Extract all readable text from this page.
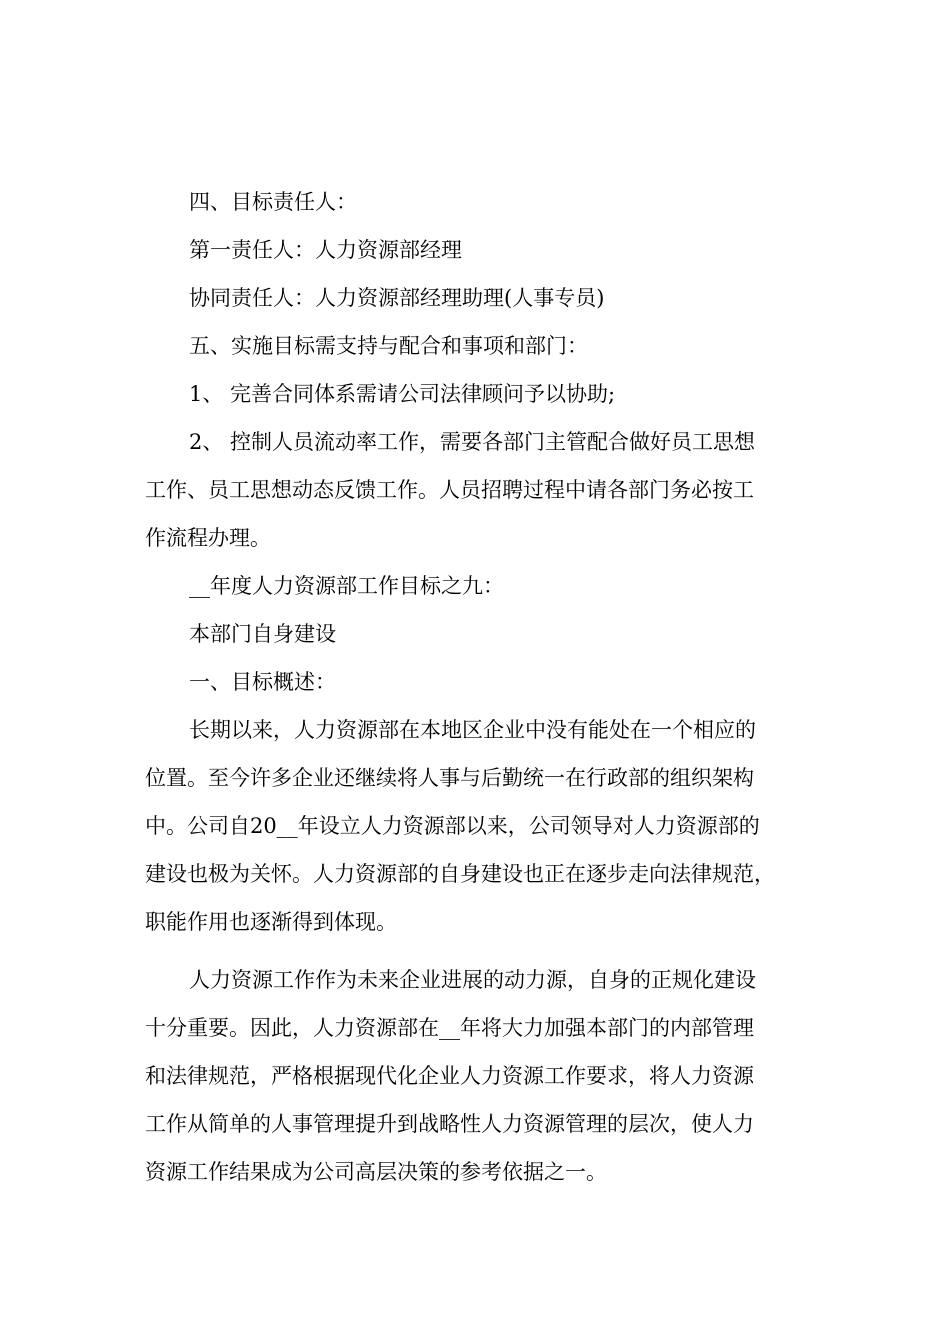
四、目标责任人：

第一责任人：人力资源部经理

协同责任人：人力资源部经理助理(人事专员)

五、实施目标需支持与配合和事项和部门：

1、 完善合同体系需请公司法律顾问予以协助;

2、 控制人员流动率工作，需要各部门主管配合做好员工思想

工作、员工思想动态反馈工作。人员招聘过程中请各部门务必按工

作流程办理。

__年度人力资源部工作目标之九：

本部门自身建设

一、目标概述：

长期以来，人力资源部在本地区企业中没有能处在一个相应的

位置。至今许多企业还继续将人事与后勤统一在行政部的组织架构

中。公司自20__年设立人力资源部以来，公司领导对人力资源部的

建设也极为关怀。人力资源部的自身建设也正在逐步走向法律规范，

职能作用也逐渐得到体现。

人力资源工作作为未来企业进展的动力源，自身的正规化建设

十分重要。因此，人力资源部在__年将大力加强本部门的内部管理

和法律规范，严格根据现代化企业人力资源工作要求，将人力资源

工作从简单的人事管理提升到战略性人力资源管理的层次，使人力

资源工作结果成为公司高层决策的参考依据之一。
